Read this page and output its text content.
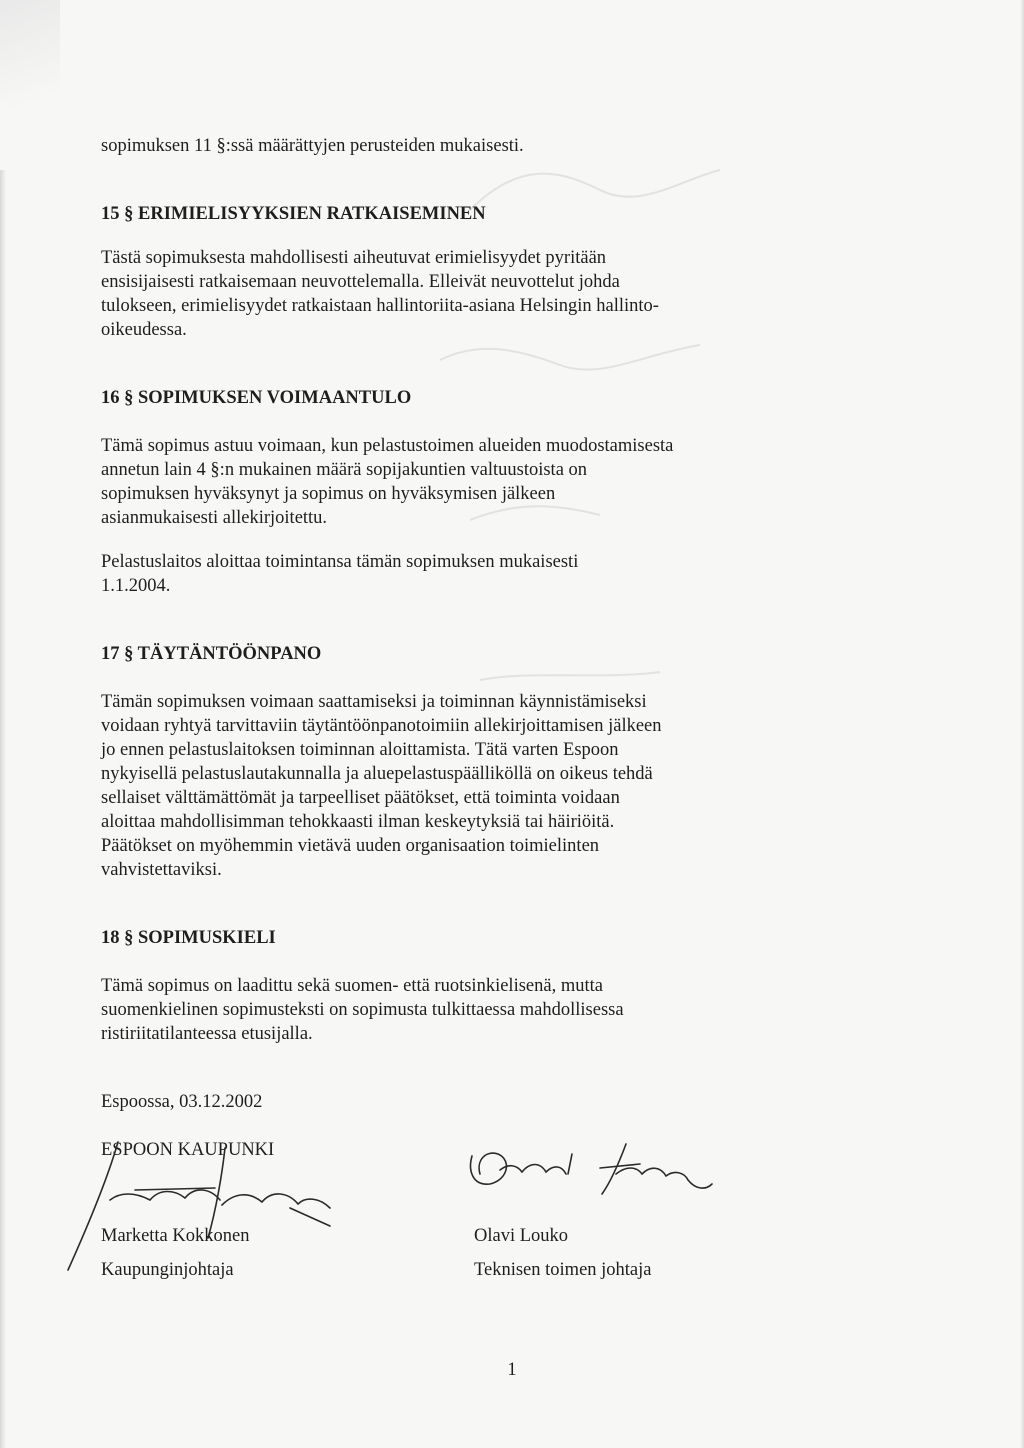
sopimuksen 11 §:ssä määrättyjen perusteiden mukaisesti.

15 § ERIMIELISYYKSIEN RATKAISEMINEN

Tästä sopimuksesta mahdollisesti aiheutuvat erimielisyydet pyritään

ensisijaisesti ratkaisemaan neuvottelemalla. Elleivät neuvottelut johda

tulokseen, erimielisyydet ratkaistaan hallintoriita-asiana Helsingin hallinto-

oikeudessa.

16 § SOPIMUKSEN VOIMAANTULO

Tämä sopimus astuu voimaan, kun pelastustoimen alueiden muodostamisesta

annetun lain 4 §:n mukainen määrä sopijakuntien valtuustoista on

sopimuksen hyväksynyt ja sopimus on hyväksymisen jälkeen

asianmukaisesti allekirjoitettu.

Pelastuslaitos aloittaa toimintansa tämän sopimuksen mukaisesti

1.1.2004.

17 § TÄYTÄNTÖÖNPANO

Tämän sopimuksen voimaan saattamiseksi ja toiminnan käynnistämiseksi

voidaan ryhtyä tarvittaviin täytäntöönpanotoimiin allekirjoittamisen jälkeen

jo ennen pelastuslaitoksen toiminnan aloittamista. Tätä varten Espoon

nykyisellä pelastuslautakunnalla ja aluepelastuspäälliköllä on oikeus tehdä

sellaiset välttämättömät ja tarpeelliset päätökset, että toiminta voidaan

aloittaa mahdollisimman tehokkaasti ilman keskeytyksiä tai häiriöitä.

Päätökset on myöhemmin vietävä uuden organisaation toimielinten

vahvistettaviksi.

18 § SOPIMUSKIELI

Tämä sopimus on laadittu sekä suomen- että ruotsinkielisenä, mutta

suomenkielinen sopimusteksti on sopimusta tulkittaessa mahdollisessa

ristiriitatilanteessa etusijalla.

Espoossa, 03.12.2002

ESPOON KAUPUNKI

Marketta Kokkonen
Kaupunginjohtaja
Olavi Louko
Teknisen toimen johtaja
1
